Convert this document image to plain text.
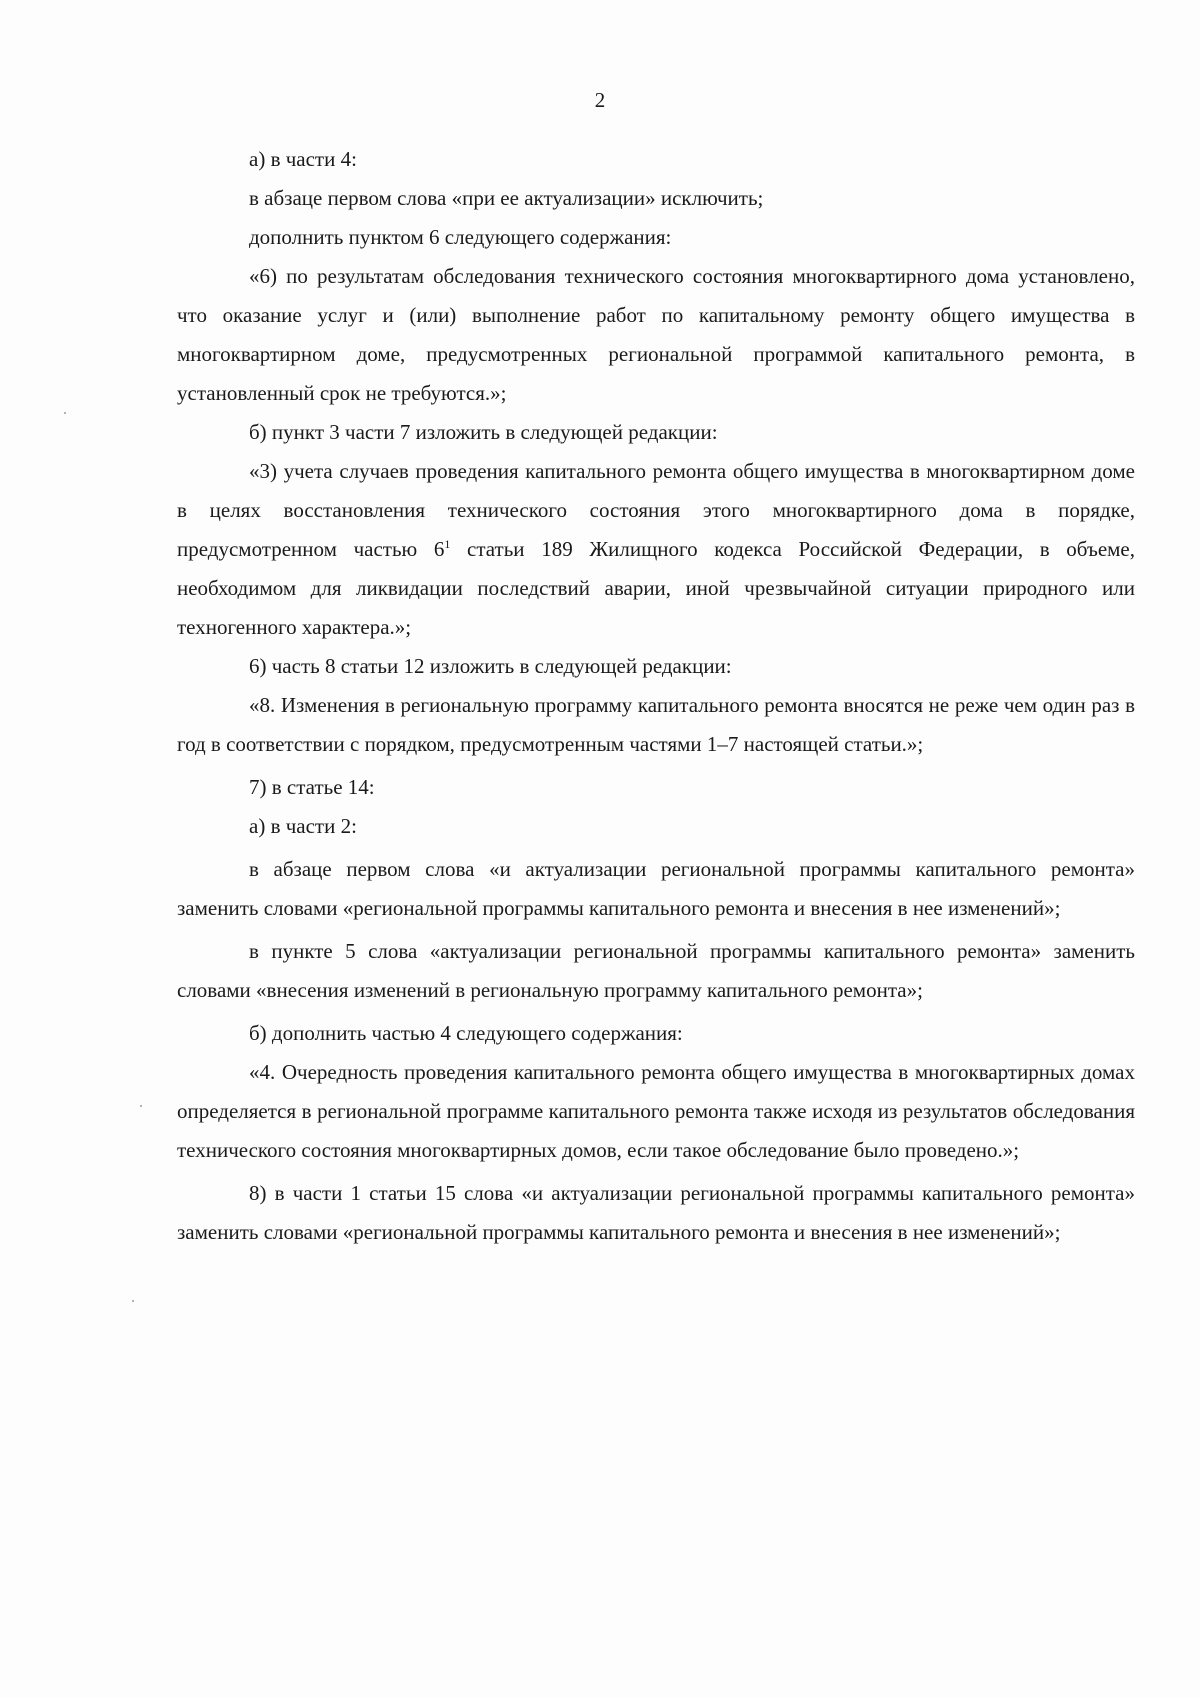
2

а) в части 4:

в абзаце первом слова «при ее актуализации» исключить;

дополнить пунктом 6 следующего содержания:

«6) по результатам обследования технического состояния многоквартирного дома установлено, что оказание услуг и (или) выполнение работ по капитальному ремонту общего имущества в многоквартирном доме, предусмотренных региональной программой капитального ремонта, в установленный срок не требуются.»;

б) пункт 3 части 7 изложить в следующей редакции:

«3) учета случаев проведения капитального ремонта общего имущества в многоквартирном доме в целях восстановления технического состояния этого многоквартирного дома в порядке, предусмотренном частью $6^1$ статьи 189 Жилищного кодекса Российской Федерации, в объеме, необходимом для ликвидации последствий аварии, иной чрезвычайной ситуации природного или техногенного характера.»;

6) часть 8 статьи 12 изложить в следующей редакции:

«8. Изменения в региональную программу капитального ремонта вносятся не реже чем один раз в год в соответствии с порядком, предусмотренным частями 1–7 настоящей статьи.»;

7) в статье 14:

а) в части 2:

в абзаце первом слова «и актуализации региональной программы капитального ремонта» заменить словами «региональной программы капитального ремонта и внесения в нее изменений»;

в пункте 5 слова «актуализации региональной программы капитального ремонта» заменить словами «внесения изменений в региональную программу капитального ремонта»;

б) дополнить частью 4 следующего содержания:

«4. Очередность проведения капитального ремонта общего имущества в многоквартирных домах определяется в региональной программе капитального ремонта также исходя из результатов обследования технического состояния многоквартирных домов, если такое обследование было проведено.»;

8) в части 1 статьи 15 слова «и актуализации региональной программы капитального ремонта» заменить словами «региональной программы капитального ремонта и внесения в нее изменений»;
